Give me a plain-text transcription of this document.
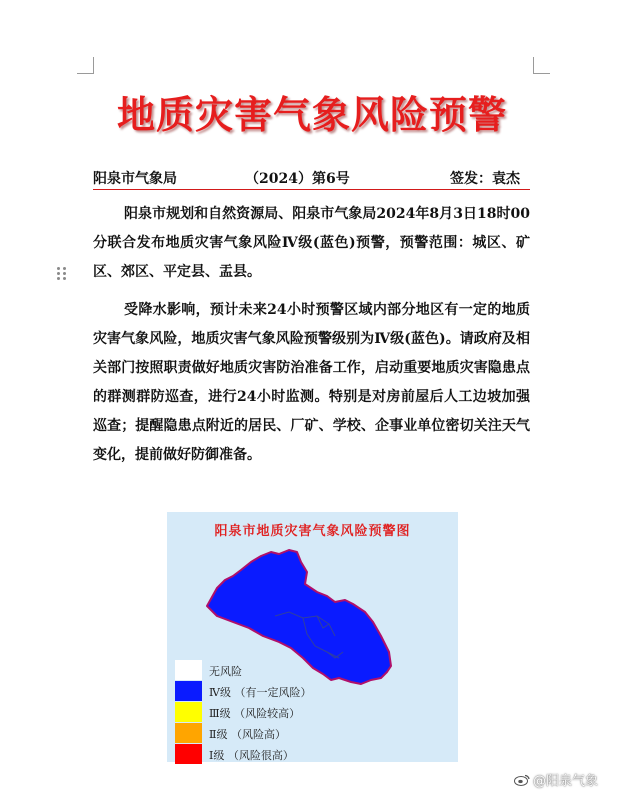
地质灾害气象风险预警
阳泉市气象局	（2024）第6号	签发：袁杰
阳泉市规划和自然资源局、阳泉市气象局2024年8月3日18时00分联合发布地质灾害气象风险Ⅳ级(蓝色)预警，预警范围：城区、矿区、郊区、平定县、盂县。
受降水影响，预计未来24小时预警区域内部分地区有一定的地质灾害气象风险，地质灾害气象风险预警级别为Ⅳ级(蓝色)。请政府及相关部门按照职责做好地质灾害防治准备工作，启动重要地质灾害隐患点的群测群防巡查，进行24小时监测。特别是对房前屋后人工边坡加强巡查；提醒隐患点附近的居民、厂矿、学校、企事业单位密切关注天气变化，提前做好防御准备。
阳泉市地质灾害气象风险预警图
无风险
Ⅳ级 （有一定风险）
Ⅲ级 （风险较高）
Ⅱ级 （风险高）
Ⅰ级 （风险很高）
@阳泉气象
